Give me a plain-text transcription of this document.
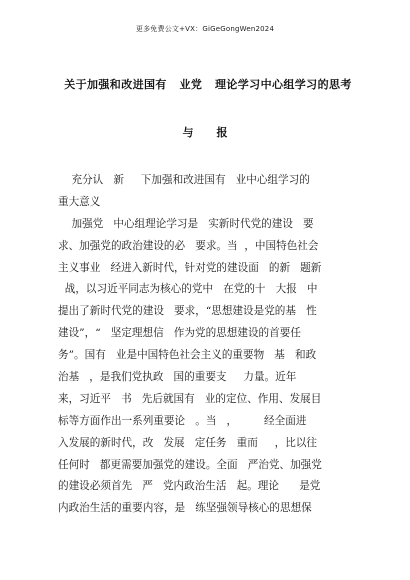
更多免费公文+VX：GiGeGongWen2024
关于加强和改进国有   业党   理论学习中心组学习的思考
与      报
充分认   新     下加强和改进国有   业中心组学习的
重大意义
加强党   中心组理论学习是   实新时代党的建设   要
求、加强党的政治建设的必   要求。当  ，中国特色社会
主义事业   经进入新时代，针对党的建设面   的新   题新
战，以习近平同志为核心的党中   在党的十   大报   中
提出了新时代党的建设   要求，“思想建设是党的基   性
建设”，“   坚定理想信   作为党的思想建设的首要任
务”。国有   业是中国特色社会主义的重要物   基   和政
治基   ，是我们党执政   国的重要支     力量。近年
来，习近平   书   先后就国有   业的定位、作用、发展目
标等方面作出一系列重要论   。当   ，        经全面进
入发展的新时代，改   发展   定任务   重而     ，比以往
任何时   都更需要加强党的建设。全面   严治党、加强党
的建设必须首先   严   党内政治生活   起。理论      是党
内政治生活的重要内容，是   练坚强领导核心的思想保
